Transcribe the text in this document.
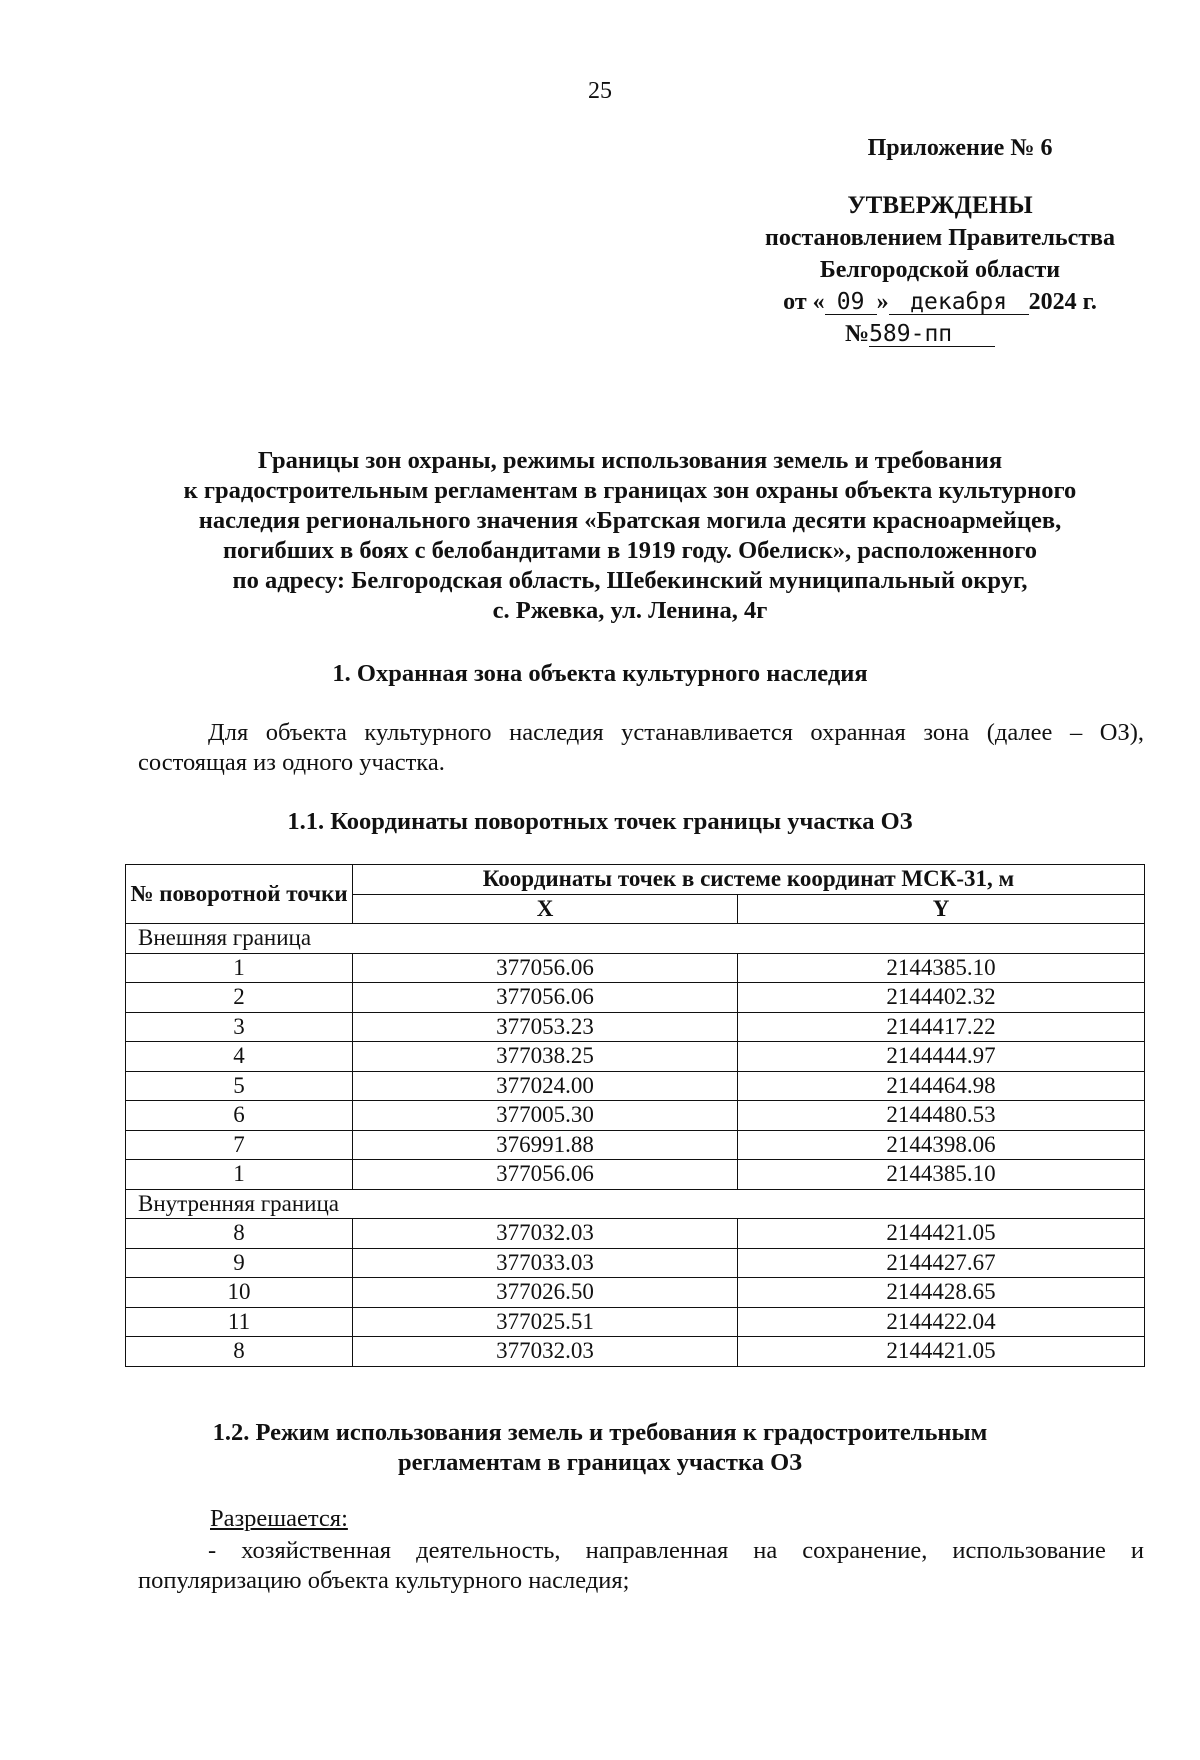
25
Приложение № 6
УТВЕРЖДЕНЫ
постановлением Правительства
Белгородской области
от « 09 » декабря 2024 г.
№589-пп
Границы зон охраны, режимы использования земель и требования
к градостроительным регламентам в границах зон охраны объекта культурного
наследия регионального значения «Братская могила десяти красноармейцев,
погибших в боях с белобандитами в 1919 году. Обелиск», расположенного
по адресу: Белгородская область, Шебекинский муниципальный округ,
с. Ржевка, ул. Ленина, 4г
1. Охранная зона объекта культурного наследия
Для объекта культурного наследия устанавливается охранная зона (далее – ОЗ), состоящая из одного участка.
1.1. Координаты поворотных точек границы участка ОЗ
№ поворотной точки	Координаты точек в системе координат МСК-31, м	
	X	Y
Внешняя граница		
1	377056.06	2144385.10
2	377056.06	2144402.32
3	377053.23	2144417.22
4	377038.25	2144444.97
5	377024.00	2144464.98
6	377005.30	2144480.53
7	376991.88	2144398.06
1	377056.06	2144385.10
Внутренняя граница		
8	377032.03	2144421.05
9	377033.03	2144427.67
10	377026.50	2144428.65
11	377025.51	2144422.04
8	377032.03	2144421.05
1.2. Режим использования земель и требования к градостроительным
регламентам в границах участка ОЗ
Разрешается:
- хозяйственная деятельность, направленная на сохранение, использование и популяризацию объекта культурного наследия;
